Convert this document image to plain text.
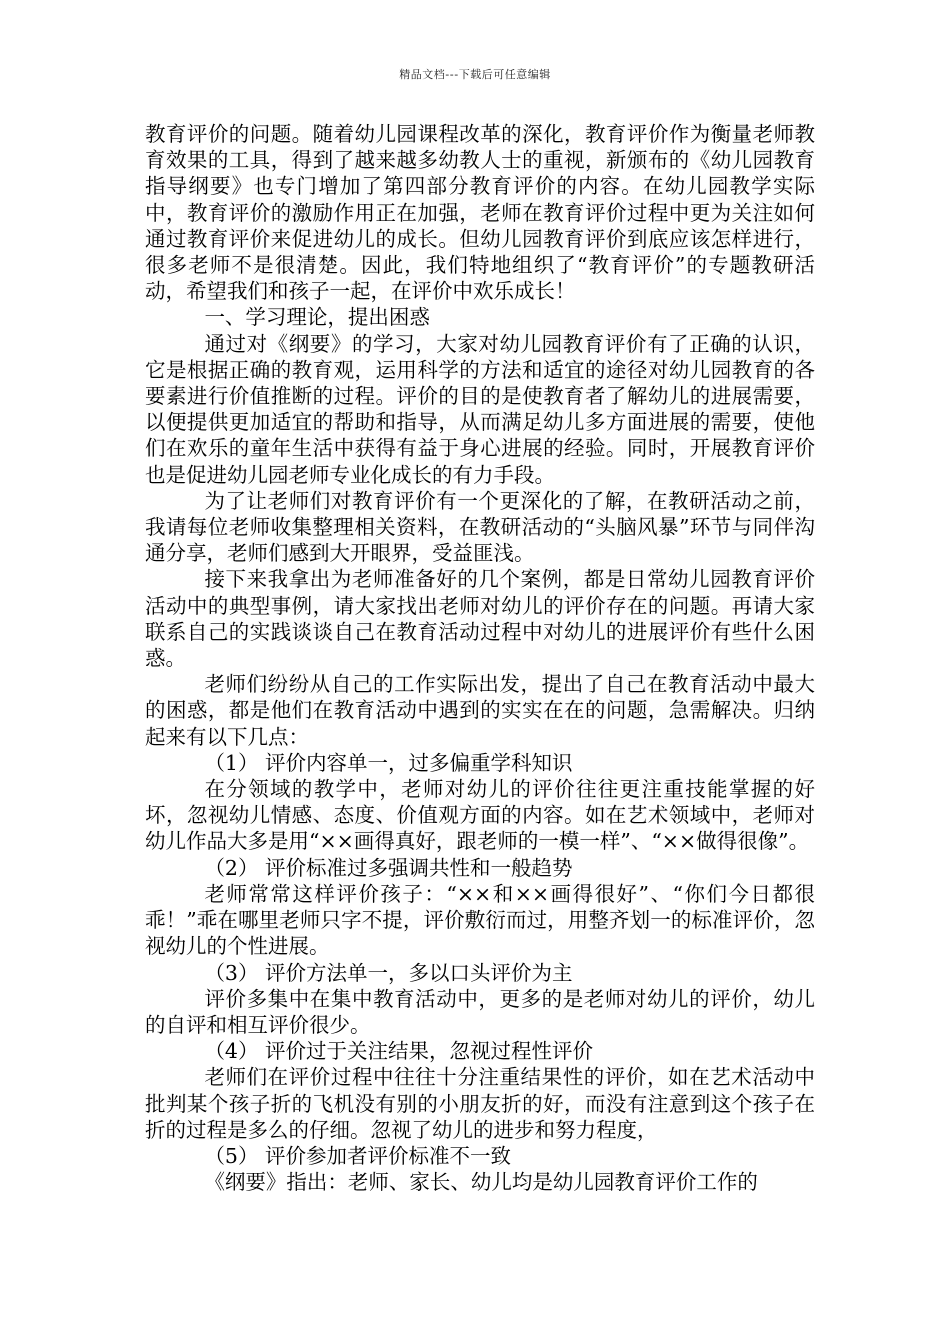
精品文档---下载后可任意编辑

教育评价的问题。随着幼儿园课程改革的深化，教育评价作为衡量老师教育效果的工具，得到了越来越多幼教人士的重视，新颁布的《幼儿园教育指导纲要》也专门增加了第四部分教育评价的内容。在幼儿园教学实际中，教育评价的激励作用正在加强，老师在教育评价过程中更为关注如何通过教育评价来促进幼儿的成长。但幼儿园教育评价到底应该怎样进行，很多老师不是很清楚。因此，我们特地组织了“教育评价”的专题教研活动，希望我们和孩子一起，在评价中欢乐成长！

一、学习理论，提出困惑

通过对《纲要》的学习，大家对幼儿园教育评价有了正确的认识，它是根据正确的教育观，运用科学的方法和适宜的途径对幼儿园教育的各要素进行价值推断的过程。评价的目的是使教育者了解幼儿的进展需要，以便提供更加适宜的帮助和指导，从而满足幼儿多方面进展的需要，使他们在欢乐的童年生活中获得有益于身心进展的经验。同时，开展教育评价也是促进幼儿园老师专业化成长的有力手段。

为了让老师们对教育评价有一个更深化的了解，在教研活动之前，我请每位老师收集整理相关资料，在教研活动的“头脑风暴”环节与同伴沟通分享，老师们感到大开眼界，受益匪浅。

接下来我拿出为老师准备好的几个案例，都是日常幼儿园教育评价活动中的典型事例，请大家找出老师对幼儿的评价存在的问题。再请大家联系自己的实践谈谈自己在教育活动过程中对幼儿的进展评价有些什么困惑。

老师们纷纷从自己的工作实际出发，提出了自己在教育活动中最大的困惑，都是他们在教育活动中遇到的实实在在的问题，急需解决。归纳起来有以下几点：

（1） 评价内容单一，过多偏重学科知识

在分领域的教学中，老师对幼儿的评价往往更注重技能掌握的好坏，忽视幼儿情感、态度、价值观方面的内容。如在艺术领域中，老师对幼儿作品大多是用“××画得真好，跟老师的一模一样”、“××做得很像”。

（2） 评价标准过多强调共性和一般趋势

老师常常这样评价孩子：“××和××画得很好”、“你们今日都很乖！”乖在哪里老师只字不提，评价敷衍而过，用整齐划一的标准评价，忽视幼儿的个性进展。

（3） 评价方法单一，多以口头评价为主

评价多集中在集中教育活动中，更多的是老师对幼儿的评价，幼儿的自评和相互评价很少。

（4） 评价过于关注结果，忽视过程性评价

老师们在评价过程中往往十分注重结果性的评价，如在艺术活动中批判某个孩子折的飞机没有别的小朋友折的好，而没有注意到这个孩子在折的过程是多么的仔细。忽视了幼儿的进步和努力程度，

（5） 评价参加者评价标准不一致

《纲要》指出：老师、家长、幼儿均是幼儿园教育评价工作的
